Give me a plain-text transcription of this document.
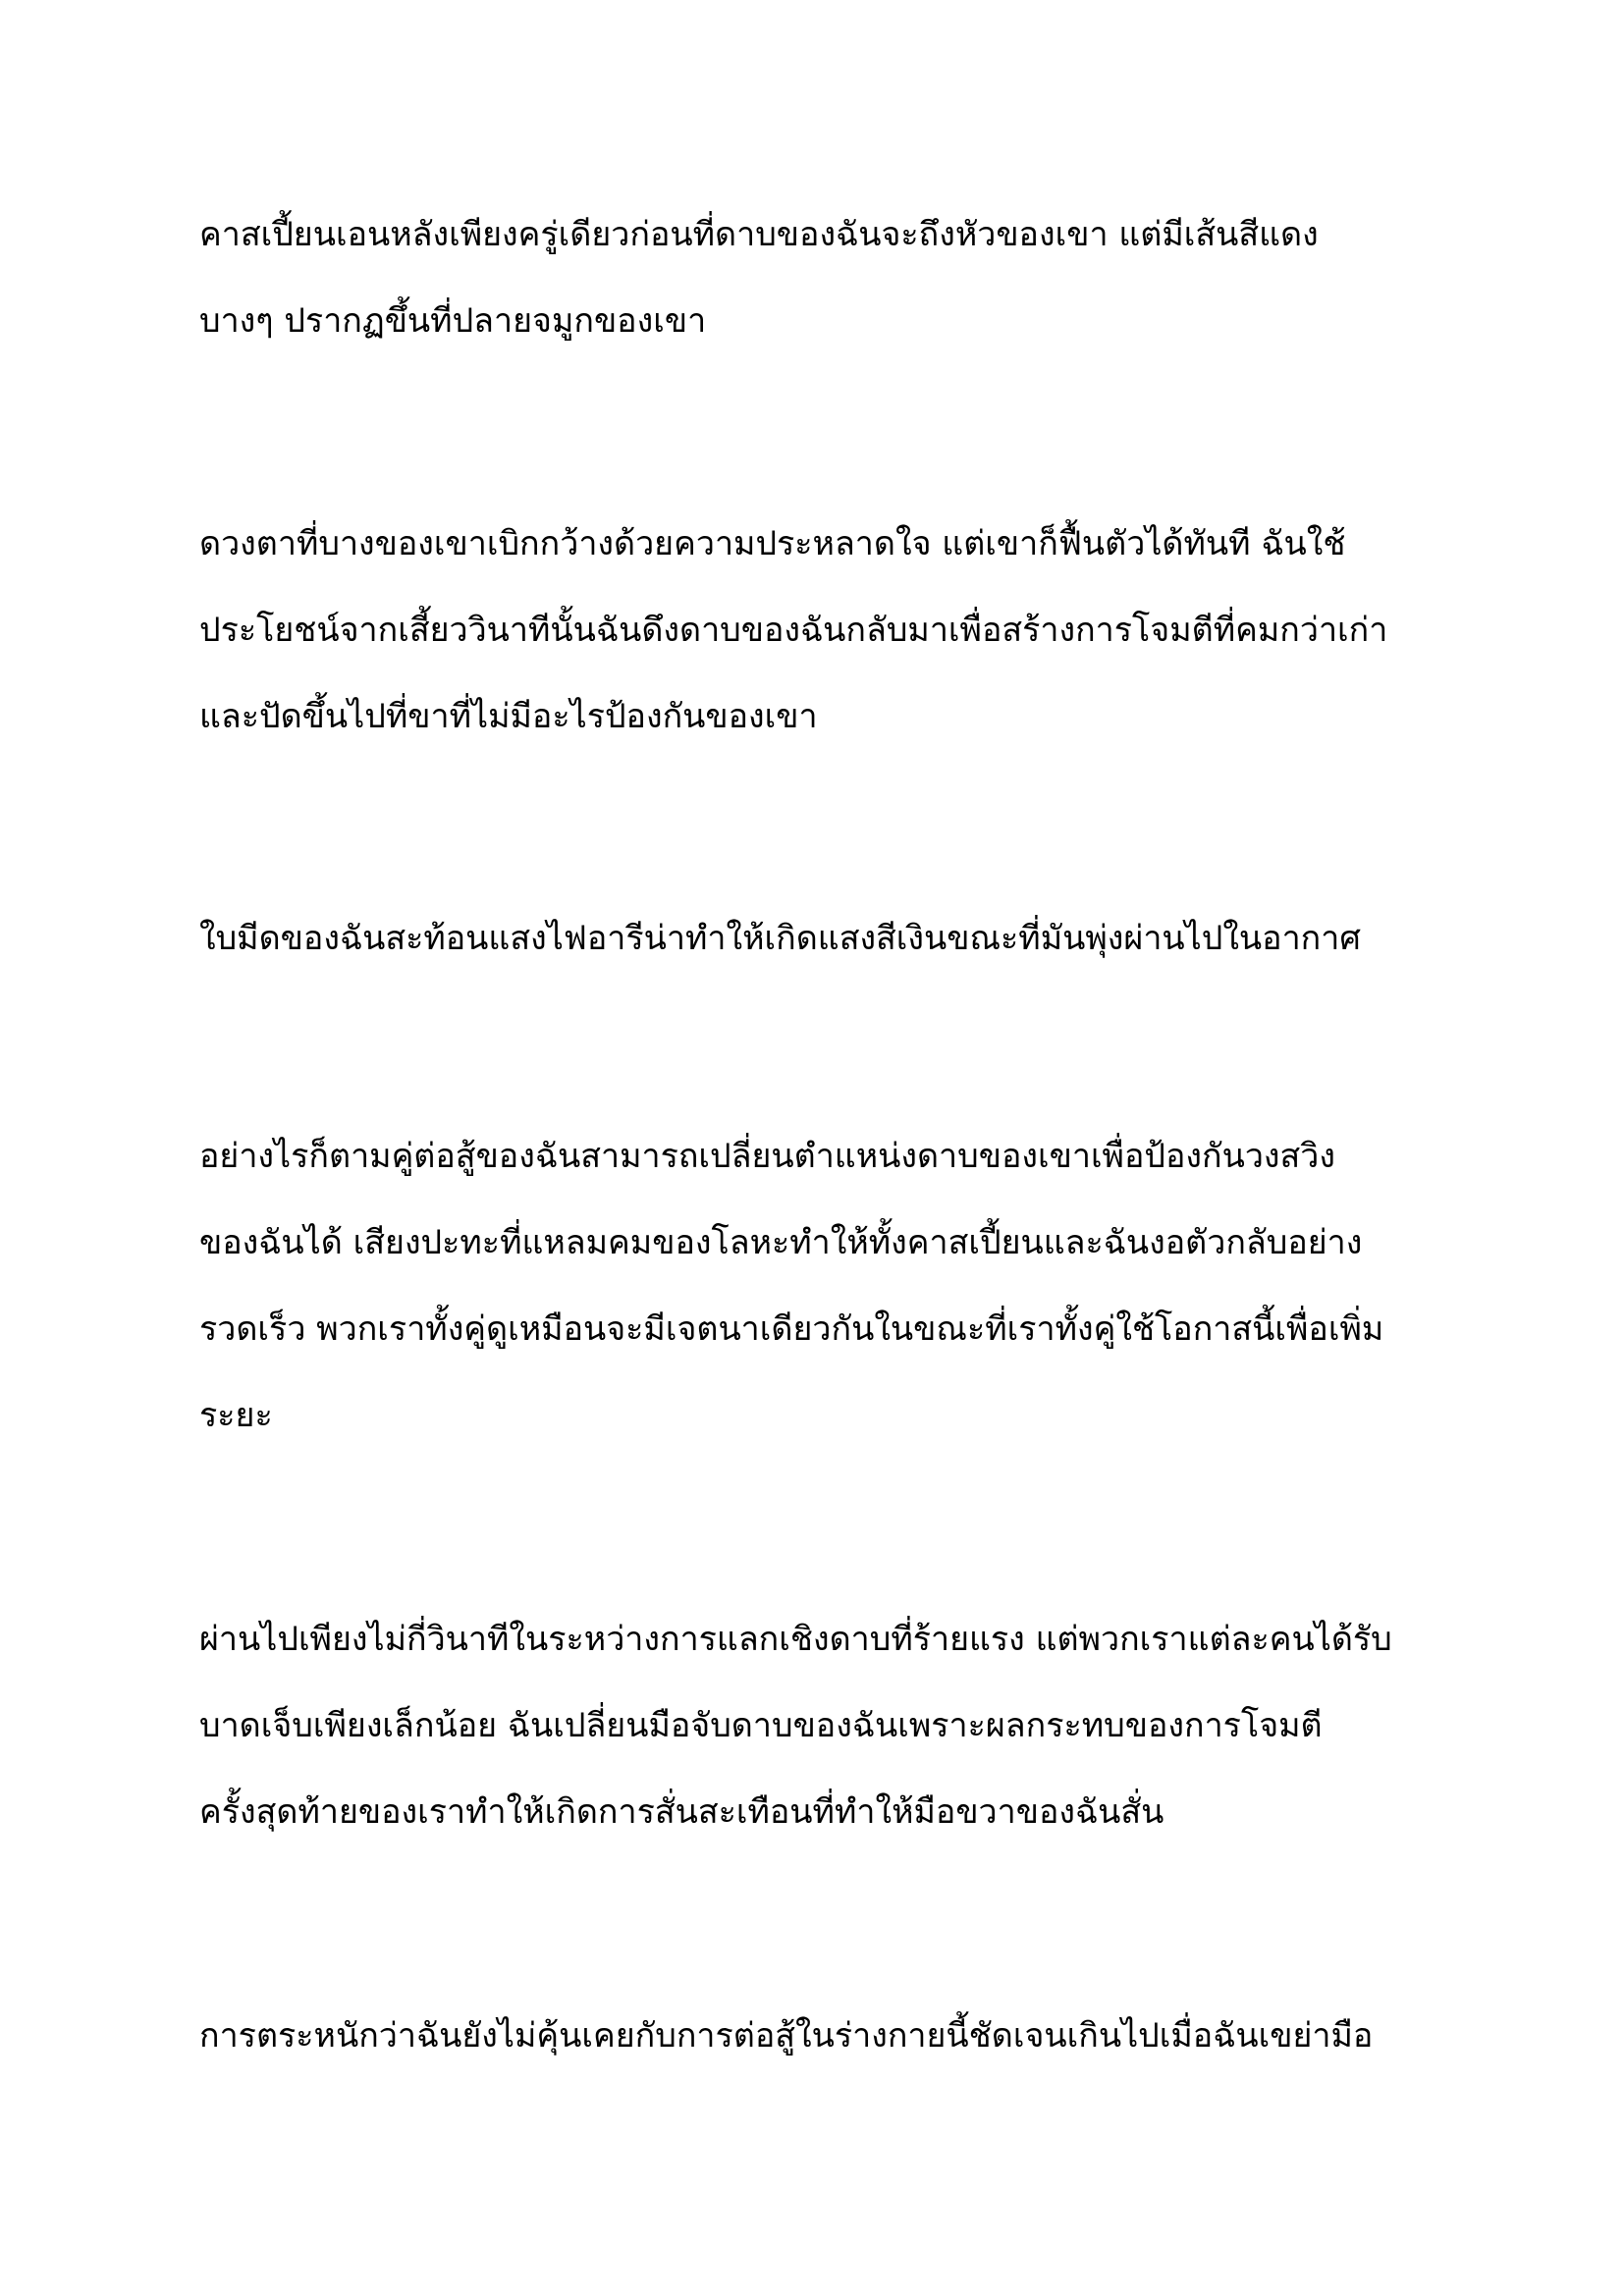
คาสเปี้ยนเอนหลังเพียงครู่เดียวก่อนที่ดาบของฉันจะถึงหัวของเขา แต่มีเส้นสีแดง
บางๆ ปรากฏขึ้นที่ปลายจมูกของเขา

ดวงตาที่บางของเขาเบิกกว้างด้วยความประหลาดใจ แต่เขาก็ฟื้นตัวได้ทันที ฉันใช้
ประโยชน์จากเสี้ยววินาทีนั้นฉันดึงดาบของฉันกลับมาเพื่อสร้างการโจมตีที่คมกว่าเก่า
และปัดขึ้นไปที่ขาที่ไม่มีอะไรป้องกันของเขา

ใบมีดของฉันสะท้อนแสงไฟอารีน่าทำให้เกิดแสงสีเงินขณะที่มันพุ่งผ่านไปในอากาศ

อย่างไรก็ตามคู่ต่อสู้ของฉันสามารถเปลี่ยนตำแหน่งดาบของเขาเพื่อป้องกันวงสวิง
ของฉันได้ เสียงปะทะที่แหลมคมของโลหะทำให้ทั้งคาสเปี้ยนและฉันงอตัวกลับอย่าง
รวดเร็ว พวกเราทั้งคู่ดูเหมือนจะมีเจตนาเดียวกันในขณะที่เราทั้งคู่ใช้โอกาสนี้เพื่อเพิ่ม
ระยะ

ผ่านไปเพียงไม่กี่วินาทีในระหว่างการแลกเชิงดาบที่ร้ายแรง แต่พวกเราแต่ละคนได้รับ
บาดเจ็บเพียงเล็กน้อย ฉันเปลี่ยนมือจับดาบของฉันเพราะผลกระทบของการโจมตี
ครั้งสุดท้ายของเราทำให้เกิดการสั่นสะเทือนที่ทำให้มือขวาของฉันสั่น

การตระหนักว่าฉันยังไม่คุ้นเคยกับการต่อสู้ในร่างกายนี้ชัดเจนเกินไปเมื่อฉันเขย่ามือ
